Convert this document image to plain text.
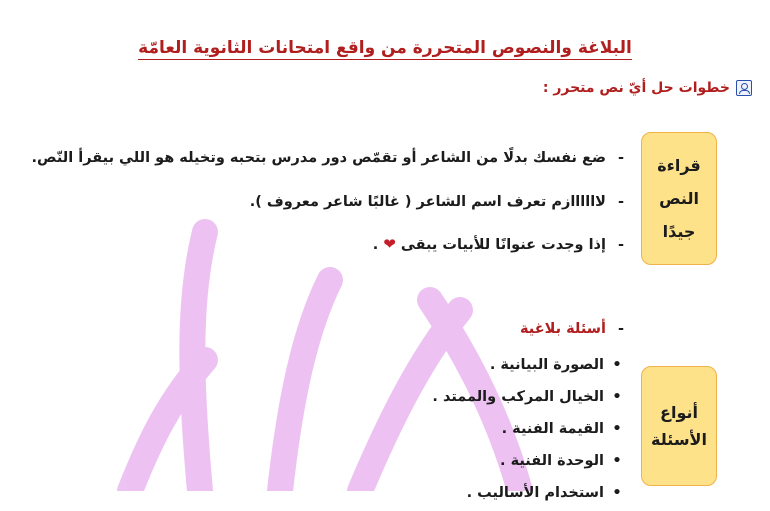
البلاغة والنصوص المتحررة من واقع امتحانات الثانوية العامّة
خطوات حل أيّ نص متحرر :
قراءة
النص
جيدًا
-ضع نفسك بدلًا من الشاعر أو تقمّص دور مدرس بتحبه وتخيله هو اللي بيقرأ النّص.
-لاااااازم تعرف اسم الشاعر ( غالبًا شاعر معروف ).
-إذا وجدت عنوانًا للأبيات يبقى ❤ .
-أسئلة بلاغية
• الصورة البيانية .
• الخيال المركب والممتد .
• القيمة الفنية .
• الوحدة الفنية .
• استخدام الأساليب .
أنواع
الأسئلة
